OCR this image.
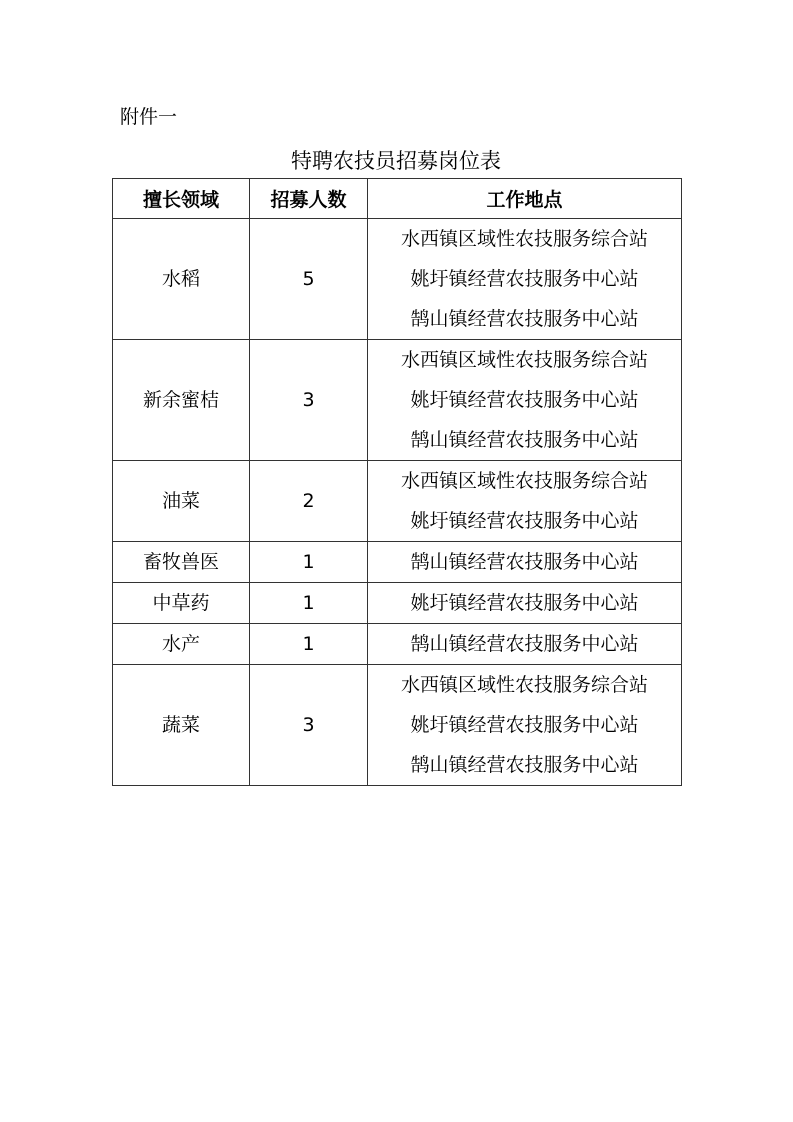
附件一
特聘农技员招募岗位表
擅长领域	招募人数	工作地点
水稻	5	水西镇区域性农技服务综合站
姚圩镇经营农技服务中心站
鹄山镇经营农技服务中心站

新余蜜桔	3	水西镇区域性农技服务综合站
姚圩镇经营农技服务中心站
鹄山镇经营农技服务中心站

油菜	2	水西镇区域性农技服务综合站
姚圩镇经营农技服务中心站

畜牧兽医	1	鹄山镇经营农技服务中心站

中草药	1	姚圩镇经营农技服务中心站

水产	1	鹄山镇经营农技服务中心站

蔬菜	3	水西镇区域性农技服务综合站
姚圩镇经营农技服务中心站
鹄山镇经营农技服务中心站
